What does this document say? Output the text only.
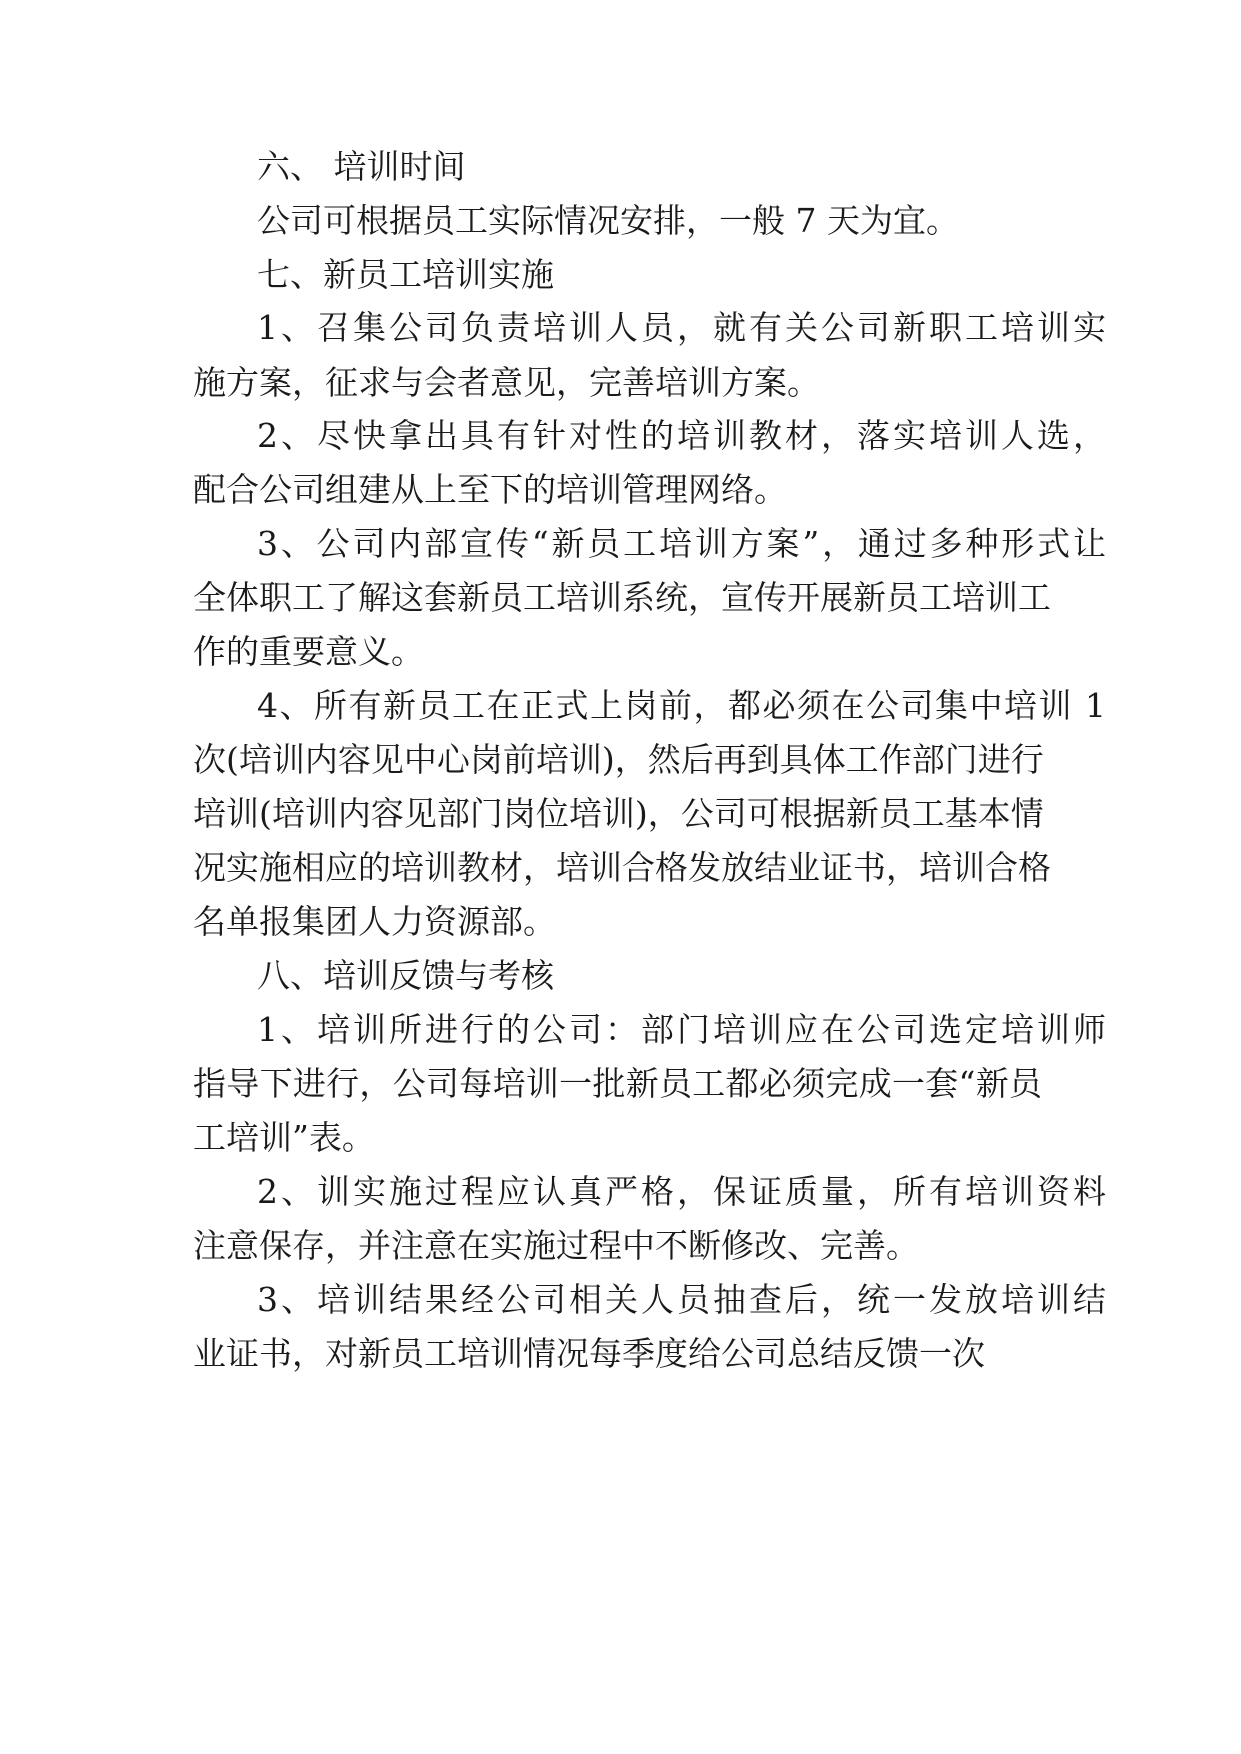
六、 培训时间

公司可根据员工实际情况安排，一般 7 天为宜。

七、新员工培训实施

1、召集公司负责培训人员，就有关公司新职工培训实

施方案，征求与会者意见，完善培训方案。

2、尽快拿出具有针对性的培训教材，落实培训人选，

配合公司组建从上至下的培训管理网络。

3、公司内部宣传“新员工培训方案”，通过多种形式让

全体职工了解这套新员工培训系统，宣传开展新员工培训工

作的重要意义。

4、所有新员工在正式上岗前，都必须在公司集中培训 1

次(培训内容见中心岗前培训)，然后再到具体工作部门进行

培训(培训内容见部门岗位培训)，公司可根据新员工基本情

况实施相应的培训教材，培训合格发放结业证书，培训合格

名单报集团人力资源部。

八、培训反馈与考核

1、培训所进行的公司：部门培训应在公司选定培训师

指导下进行，公司每培训一批新员工都必须完成一套“新员

工培训”表。

2、训实施过程应认真严格，保证质量，所有培训资料

注意保存，并注意在实施过程中不断修改、完善。

3、培训结果经公司相关人员抽查后，统一发放培训结

业证书，对新员工培训情况每季度给公司总结反馈一次
